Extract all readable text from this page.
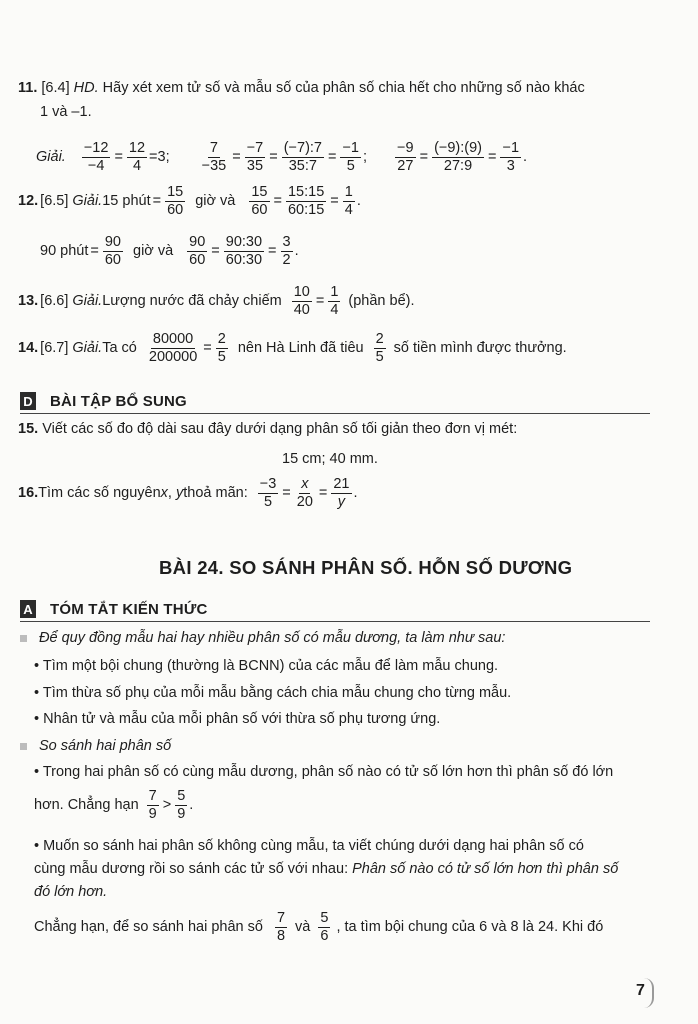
11. [6.4] HD. Hãy xét xem tử số và mẫu số của phân số chia hết cho những số nào khác
1 và –1.
Giải. $\frac{-12}{-4} = \frac{12}{4} =3$; $\frac{7}{-35} = \frac{-7}{35} = \frac{(-7):7}{35:7} = \frac{-1}{5}$ ; $\frac{-9}{27} = \frac{(-9):(9)}{27:9} = \frac{-1}{3}$ .
12. [6.5] Giải. 15 phút = $\frac{15}{60}$ giờ và $\frac{15}{60} = \frac{15:15}{60:15} = \frac{1}{4}$ .
90 phút = $\frac{90}{60}$ giờ và $\frac{90}{60} = \frac{90:30}{60:30} = \frac{3}{2}$ .
13. [6.6] Giải. Lượng nước đã chảy chiếm $\frac{10}{40} = \frac{1}{4}$ (phần bể).
14. [6.7] Giải. Ta có $\frac{80000}{200000} = \frac{2}{5}$ nên Hà Linh đã tiêu $\frac{2}{5}$ số tiền mình được thưởng.
D BÀI TẬP BỔ SUNG
15. Viết các số đo độ dài sau đây dưới dạng phân số tối giản theo đơn vị mét:
15 cm; 40 mm.
16. Tìm các số nguyên x , y thoả mãn: $\frac{-3}{5} = \frac{x}{20} = \frac{21}{y}$ .
BÀI 24. SO SÁNH PHÂN SỐ. HỖN SỐ DƯƠNG
A TÓM TẮT KIẾN THỨC
Để quy đồng mẫu hai hay nhiều phân số có mẫu dương, ta làm như sau:
• Tìm một bội chung (thường là BCNN) của các mẫu để làm mẫu chung.
• Tìm thừa số phụ của mỗi mẫu bằng cách chia mẫu chung cho từng mẫu.
• Nhân tử và mẫu của mỗi phân số với thừa số phụ tương ứng.
So sánh hai phân số
• Trong hai phân số có cùng mẫu dương, phân số nào có tử số lớn hơn thì phân số đó lớn
hơn. Chẳng hạn $\frac{7}{9} > \frac{5}{9}$ .
• Muốn so sánh hai phân số không cùng mẫu, ta viết chúng dưới dạng hai phân số có
cùng mẫu dương rồi so sánh các tử số với nhau: Phân số nào có tử số lớn hơn thì phân số
đó lớn hơn.
Chẳng hạn, để so sánh hai phân số $\frac{7}{8}$ và $\frac{5}{6}$ , ta tìm bội chung của 6 và 8 là 24. Khi đó
7
